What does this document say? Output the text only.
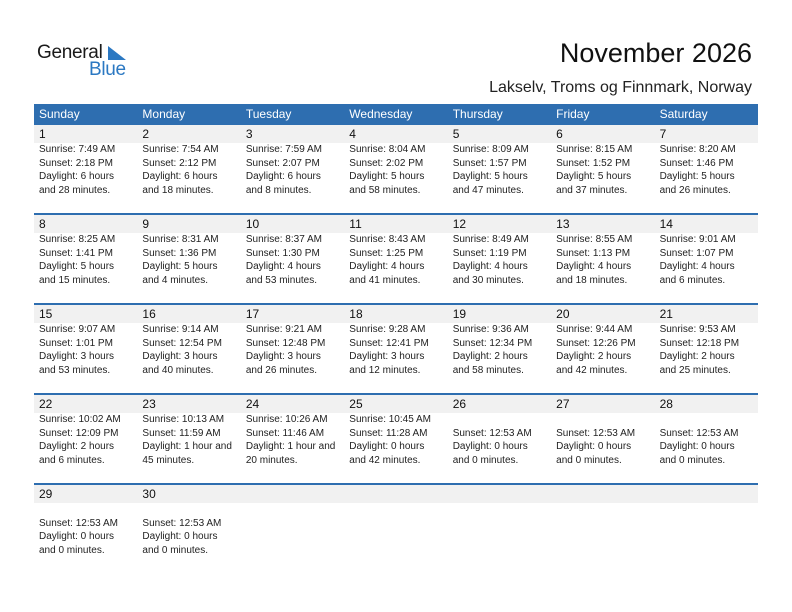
General
Blue
November 2026
Lakselv, Troms og Finnmark, Norway
Sunday	Monday	Tuesday	Wednesday	Thursday	Friday	Saturday
1	2	3	4	5	6	7
Sunrise: 7:49 AM
Sunset: 2:18 PM
Daylight: 6 hours
and 28 minutes.
Sunrise: 7:54 AM
Sunset: 2:12 PM
Daylight: 6 hours
and 18 minutes.
Sunrise: 7:59 AM
Sunset: 2:07 PM
Daylight: 6 hours
and 8 minutes.
Sunrise: 8:04 AM
Sunset: 2:02 PM
Daylight: 5 hours
and 58 minutes.
Sunrise: 8:09 AM
Sunset: 1:57 PM
Daylight: 5 hours
and 47 minutes.
Sunrise: 8:15 AM
Sunset: 1:52 PM
Daylight: 5 hours
and 37 minutes.
Sunrise: 8:20 AM
Sunset: 1:46 PM
Daylight: 5 hours
and 26 minutes.
8	9	10	11	12	13	14
Sunrise: 8:25 AM
Sunset: 1:41 PM
Daylight: 5 hours
and 15 minutes.
Sunrise: 8:31 AM
Sunset: 1:36 PM
Daylight: 5 hours
and 4 minutes.
Sunrise: 8:37 AM
Sunset: 1:30 PM
Daylight: 4 hours
and 53 minutes.
Sunrise: 8:43 AM
Sunset: 1:25 PM
Daylight: 4 hours
and 41 minutes.
Sunrise: 8:49 AM
Sunset: 1:19 PM
Daylight: 4 hours
and 30 minutes.
Sunrise: 8:55 AM
Sunset: 1:13 PM
Daylight: 4 hours
and 18 minutes.
Sunrise: 9:01 AM
Sunset: 1:07 PM
Daylight: 4 hours
and 6 minutes.
15	16	17	18	19	20	21
Sunrise: 9:07 AM
Sunset: 1:01 PM
Daylight: 3 hours
and 53 minutes.
Sunrise: 9:14 AM
Sunset: 12:54 PM
Daylight: 3 hours
and 40 minutes.
Sunrise: 9:21 AM
Sunset: 12:48 PM
Daylight: 3 hours
and 26 minutes.
Sunrise: 9:28 AM
Sunset: 12:41 PM
Daylight: 3 hours
and 12 minutes.
Sunrise: 9:36 AM
Sunset: 12:34 PM
Daylight: 2 hours
and 58 minutes.
Sunrise: 9:44 AM
Sunset: 12:26 PM
Daylight: 2 hours
and 42 minutes.
Sunrise: 9:53 AM
Sunset: 12:18 PM
Daylight: 2 hours
and 25 minutes.
22	23	24	25	26	27	28
Sunrise: 10:02 AM
Sunset: 12:09 PM
Daylight: 2 hours
and 6 minutes.
Sunrise: 10:13 AM
Sunset: 11:59 AM
Daylight: 1 hour and
45 minutes.
Sunrise: 10:26 AM
Sunset: 11:46 AM
Daylight: 1 hour and
20 minutes.
Sunrise: 10:45 AM
Sunset: 11:28 AM
Daylight: 0 hours
and 42 minutes.
Sunset: 12:53 AM
Daylight: 0 hours
and 0 minutes.
Sunset: 12:53 AM
Daylight: 0 hours
and 0 minutes.
Sunset: 12:53 AM
Daylight: 0 hours
and 0 minutes.
29	30
Sunset: 12:53 AM
Daylight: 0 hours
and 0 minutes.
Sunset: 12:53 AM
Daylight: 0 hours
and 0 minutes.
